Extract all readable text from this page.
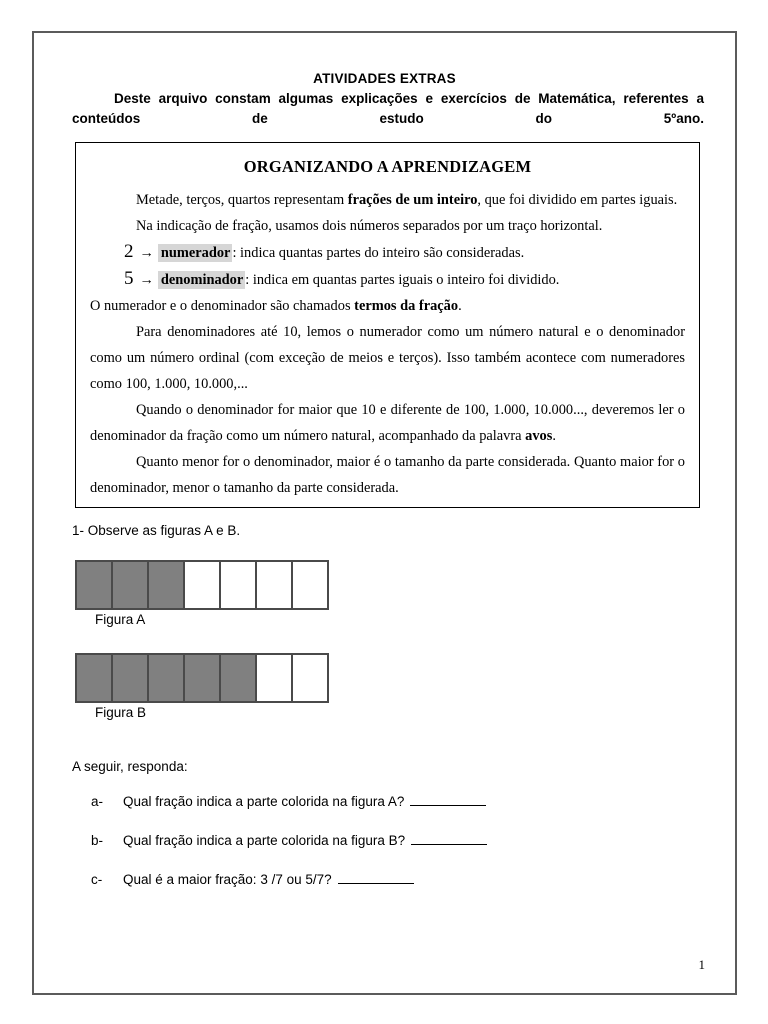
ATIVIDADES EXTRAS
Deste arquivo constam algumas explicações e exercícios de Matemática, referentes a conteúdos de estudo do 5ºano.
ORGANIZANDO A APRENDIZAGEM

Metade, terços, quartos representam frações de um inteiro, que foi dividido em partes iguais.

Na indicação de fração, usamos dois números separados por um traço horizontal.

2 → numerador : indica quantas partes do inteiro são consideradas.
5 → denominador : indica em quantas partes iguais o inteiro foi dividido.

O numerador e o denominador são chamados termos da fração.

Para denominadores até 10, lemos o numerador como um número natural e o denominador como um número ordinal (com exceção de meios e terços). Isso também acontece com numeradores como 100, 1.000, 10.000,...

Quando o denominador for maior que 10 e diferente de 100, 1.000, 10.000..., deveremos ler o denominador da fração como um número natural, acompanhado da palavra avos.

Quanto menor for o denominador, maior é o tamanho da parte considerada. Quanto maior for o denominador, menor o tamanho da parte considerada.

1- Observe as figuras A e B.
Figura A
Figura B
A seguir, responda:
a-	Qual fração indica a parte colorida na figura A?
b-	Qual fração indica a parte colorida na figura B?
c-	Qual é a maior fração: 3 /7 ou 5/7?
1
